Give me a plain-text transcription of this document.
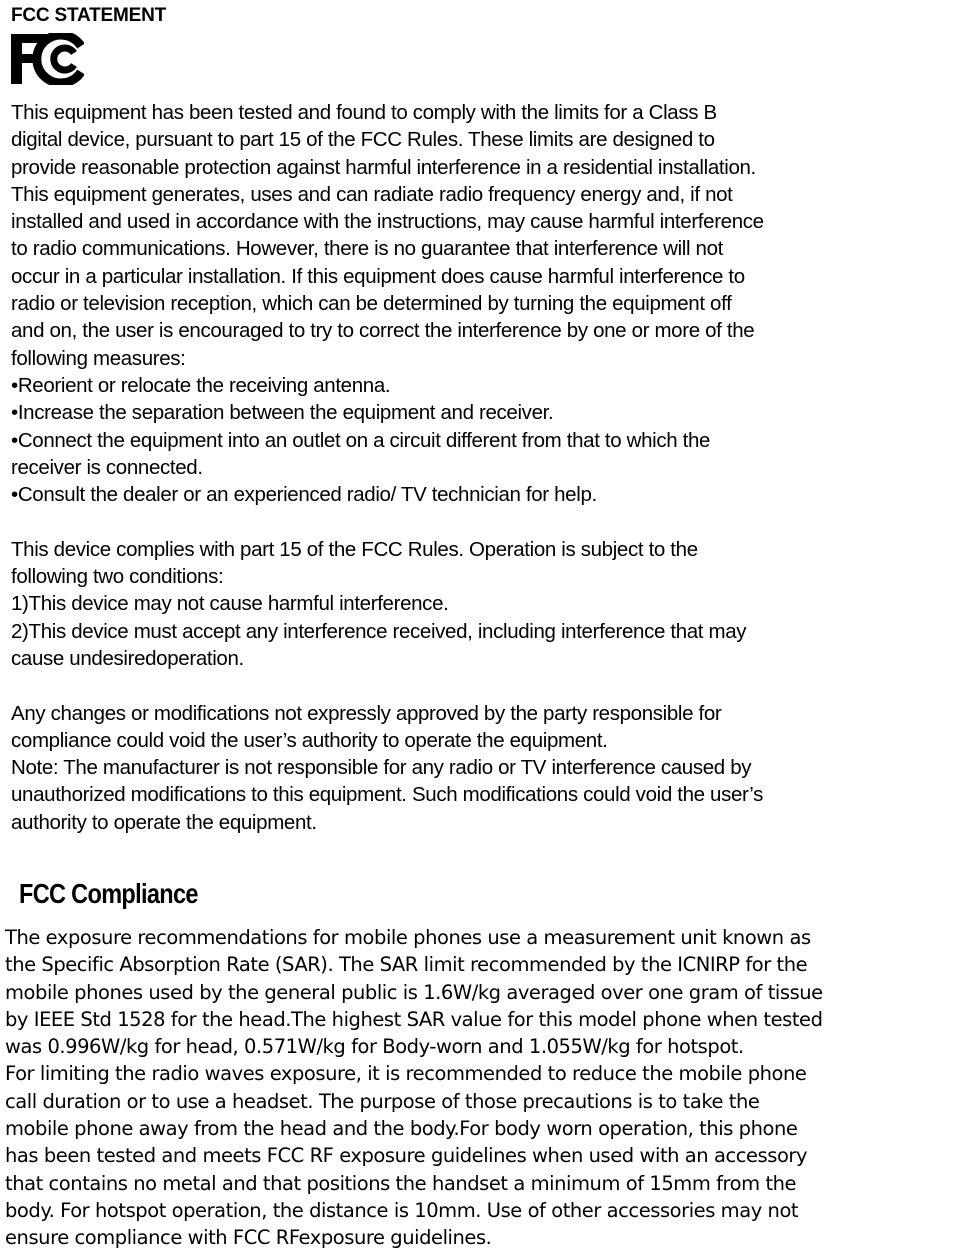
FCC STATEMENT
This equipment has been tested and found to comply with the limits for a Class B
digital device, pursuant to part 15 of the FCC Rules. These limits are designed to
provide reasonable protection against harmful interference in a residential installation.
This equipment generates, uses and can radiate radio frequency energy and, if not
installed and used in accordance with the instructions, may cause harmful interference
to radio communications. However, there is no guarantee that interference will not
occur in a particular installation. If this equipment does cause harmful interference to
radio or television reception, which can be determined by turning the equipment off
and on, the user is encouraged to try to correct the interference by one or more of the
following measures:
•Reorient or relocate the receiving antenna.
•Increase the separation between the equipment and receiver.
•Connect the equipment into an outlet on a circuit different from that to which the
receiver is connected.
•Consult the dealer or an experienced radio/ TV technician for help.
This device complies with part 15 of the FCC Rules. Operation is subject to the
following two conditions:
1)This device may not cause harmful interference.
2)This device must accept any interference received, including interference that may
cause undesiredoperation.
Any changes or modifications not expressly approved by the party responsible for
compliance could void the user’s authority to operate the equipment.
Note: The manufacturer is not responsible for any radio or TV interference caused by
unauthorized modifications to this equipment. Such modifications could void the user’s
authority to operate the equipment.
FCC Compliance
The exposure recommendations for mobile phones use a measurement unit known as
the Specific Absorption Rate (SAR). The SAR limit recommended by the ICNIRP for the
mobile phones used by the general public is 1.6W/kg averaged over one gram of tissue
by IEEE Std 1528 for the head.The highest SAR value for this model phone when tested
was 0.996W/kg for head, 0.571W/kg for Body-worn and 1.055W/kg for hotspot.
For limiting the radio waves exposure, it is recommended to reduce the mobile phone
call duration or to use a headset. The purpose of those precautions is to take the
mobile phone away from the head and the body.For body worn operation, this phone
has been tested and meets FCC RF exposure guidelines when used with an accessory
that contains no metal and that positions the handset a minimum of 15mm from the
body. For hotspot operation, the distance is 10mm. Use of other accessories may not
ensure compliance with FCC RFexposure guidelines.
